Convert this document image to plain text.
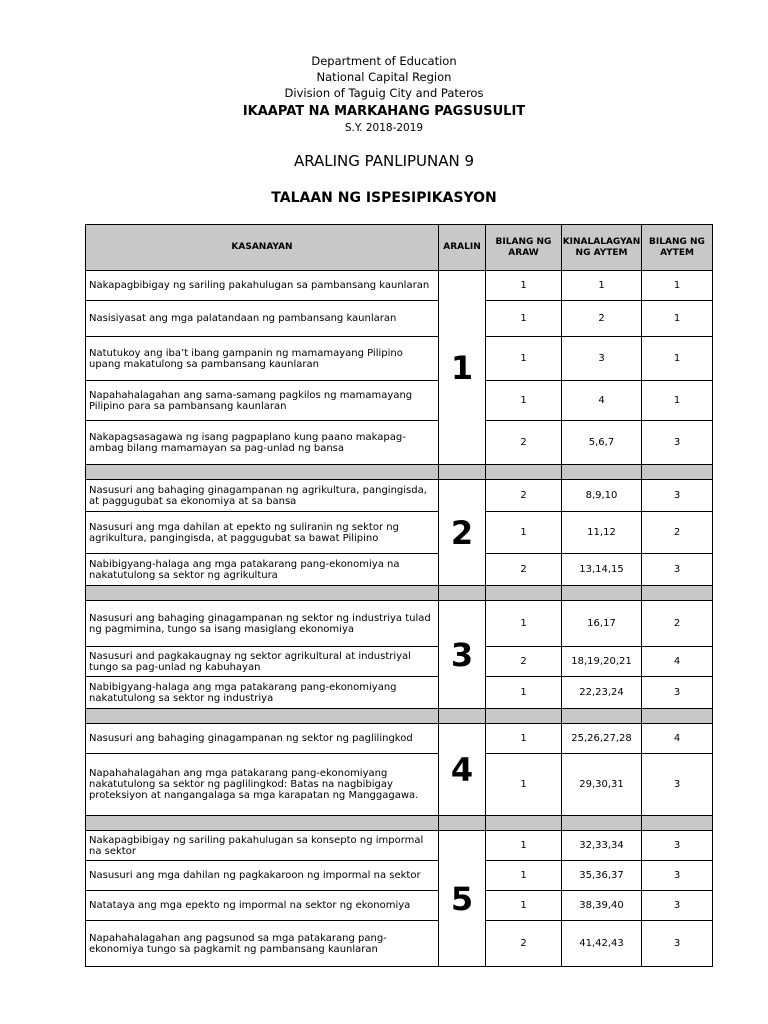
Department of Education
National Capital Region
Division of Taguig City and Pateros
IKAAPAT NA MARKAHANG PAGSUSULIT
S.Y. 2018-2019
ARALING PANLIPUNAN 9
TALAAN NG ISPESIPIKASYON
KASANAYAN	ARALIN	BILANG NG ARAW	KINALALAGYAN NG AYTEM	BILANG NG AYTEM
Nakapagbibigay ng sariling pakahulugan sa pambansang kaunlaran	1	1	1	1
Nasisiyasat ang mga palatandaan ng pambansang kaunlaran		1	2	1
Natutukoy ang iba’t ibang gampanin ng mamamayang Pilipino upang makatulong sa pambansang kaunlaran		1	3	1
Napahahalagahan ang sama-samang pagkilos ng mamamayang Pilipino para sa pambansang kaunlaran		1	4	1
Nakapagsasagawa ng isang pagpaplano kung paano makapag-ambag bilang mamamayan sa pag-unlad ng bansa		2	5,6,7	3

Nasusuri ang bahaging ginagampanan ng agrikultura, pangingisda, at paggugubat sa ekonomiya at sa bansa	2	2	8,9,10	3
Nasusuri ang mga dahilan at epekto ng suliranin ng sektor ng agrikultura, pangingisda, at paggugubat sa bawat Pilipino		1	11,12	2
Nabibigyang-halaga ang mga patakarang pang-ekonomiya na nakatutulong sa sektor ng agrikultura		2	13,14,15	3

Nasusuri ang bahaging ginagampanan ng sektor ng industriya tulad ng pagmimina, tungo sa isang masiglang ekonomiya	3	1	16,17	2
Nasusuri and pagkakaugnay ng sektor agrikultural at industriyal tungo sa pag-unlad ng kabuhayan		2	18,19,20,21	4
Nabibigyang-halaga ang mga patakarang pang-ekonomiyang nakatutulong sa sektor ng industriya		1	22,23,24	3

Nasusuri ang bahaging ginagampanan ng sektor ng paglilingkod	4	1	25,26,27,28	4
Napahahalagahan ang mga patakarang pang-ekonomiyang nakatutulong sa sektor ng paglilingkod: Batas na nagbibigay proteksiyon at nangangalaga sa mga karapatan ng Manggagawa.		1	29,30,31	3

Nakapagbibigay ng sariling pakahulugan sa konsepto ng impormal na sektor	5	1	32,33,34	3
Nasusuri ang mga dahilan ng pagkakaroon ng impormal na sektor		1	35,36,37	3
Natataya ang mga epekto ng impormal na sektor ng ekonomiya		1	38,39,40	3
Napahahalagahan ang pagsunod sa mga patakarang pang-ekonomiya tungo sa pagkamit ng pambansang kaunlaran		2	41,42,43	3
